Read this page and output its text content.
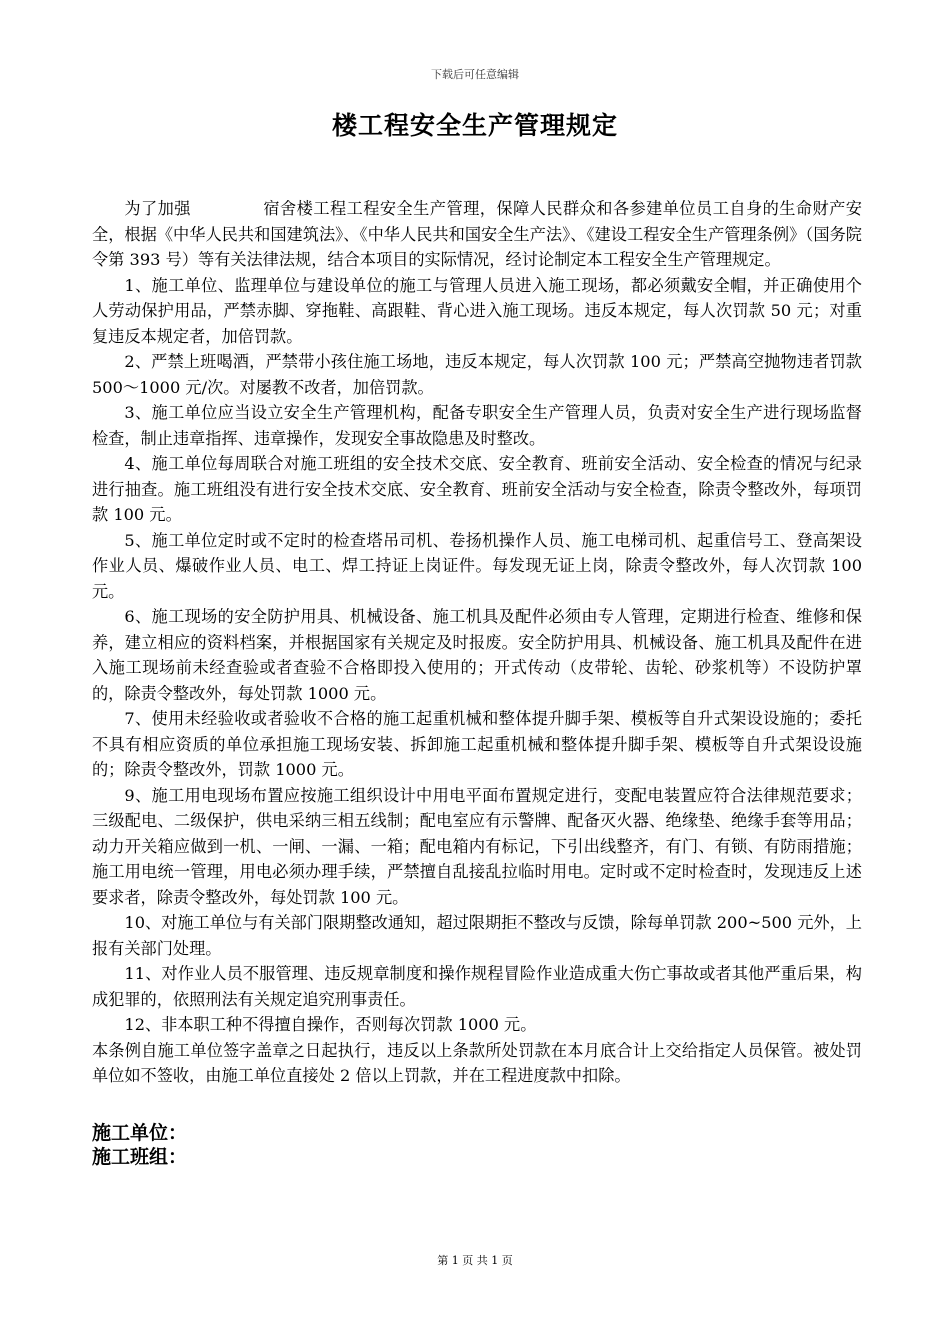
下载后可任意编辑
楼工程安全生产管理规定

为了加强	宿舍楼工程工程安全生产管理，保障人民群众和各参建单位员工自身的生命财产安全，根据《中华人民共和国建筑法》、《中华人民共和国安全生产法》、《建设工程安全生产管理条例》（国务院令第 393 号）等有关法律法规，结合本项目的实际情况，经讨论制定本工程安全生产管理规定。

1、施工单位、监理单位与建设单位的施工与管理人员进入施工现场，都必须戴安全帽，并正确使用个人劳动保护用品，严禁赤脚、穿拖鞋、高跟鞋、背心进入施工现场。违反本规定，每人次罚款 50 元；对重复违反本规定者，加倍罚款。

2、严禁上班喝酒，严禁带小孩住施工场地，违反本规定，每人次罚款 100 元；严禁高空抛物违者罚款 500～1000 元/次。对屡教不改者，加倍罚款。

3、施工单位应当设立安全生产管理机构，配备专职安全生产管理人员，负责对安全生产进行现场监督检查，制止违章指挥、违章操作，发现安全事故隐患及时整改。

4、施工单位每周联合对施工班组的安全技术交底、安全教育、班前安全活动、安全检查的情况与纪录进行抽查。施工班组没有进行安全技术交底、安全教育、班前安全活动与安全检查，除责令整改外，每项罚款 100 元。

5、施工单位定时或不定时的检查塔吊司机、卷扬机操作人员、施工电梯司机、起重信号工、登高架设作业人员、爆破作业人员、电工、焊工持证上岗证件。每发现无证上岗，除责令整改外，每人次罚款 100 元。

6、施工现场的安全防护用具、机械设备、施工机具及配件必须由专人管理，定期进行检查、维修和保养，建立相应的资料档案，并根据国家有关规定及时报废。安全防护用具、机械设备、施工机具及配件在进入施工现场前未经查验或者查验不合格即投入使用的；开式传动（皮带轮、齿轮、砂浆机等）不设防护罩的，除责令整改外，每处罚款 1000 元。

7、使用未经验收或者验收不合格的施工起重机械和整体提升脚手架、模板等自升式架设设施的；委托不具有相应资质的单位承担施工现场安装、拆卸施工起重机械和整体提升脚手架、模板等自升式架设设施的；除责令整改外，罚款 1000 元。

9、施工用电现场布置应按施工组织设计中用电平面布置规定进行，变配电装置应符合法律规范要求；三级配电、二级保护，供电采纳三相五线制；配电室应有示警牌、配备灭火器、绝缘垫、绝缘手套等用品；动力开关箱应做到一机、一闸、一漏、一箱；配电箱内有标记，下引出线整齐，有门、有锁、有防雨措施；施工用电统一管理，用电必须办理手续，严禁擅自乱接乱拉临时用电。定时或不定时检查时，发现违反上述要求者，除责令整改外，每处罚款 100 元。

10、对施工单位与有关部门限期整改通知，超过限期拒不整改与反馈，除每单罚款 200~500 元外，上报有关部门处理。

11、对作业人员不服管理、违反规章制度和操作规程冒险作业造成重大伤亡事故或者其他严重后果，构成犯罪的，依照刑法有关规定追究刑事责任。

12、非本职工种不得擅自操作，否则每次罚款 1000 元。

本条例自施工单位签字盖章之日起执行，违反以上条款所处罚款在本月底合计上交给指定人员保管。被处罚单位如不签收，由施工单位直接处 2 倍以上罚款，并在工程进度款中扣除。

施工单位：
施工班组：
第 1 页 共 1 页
